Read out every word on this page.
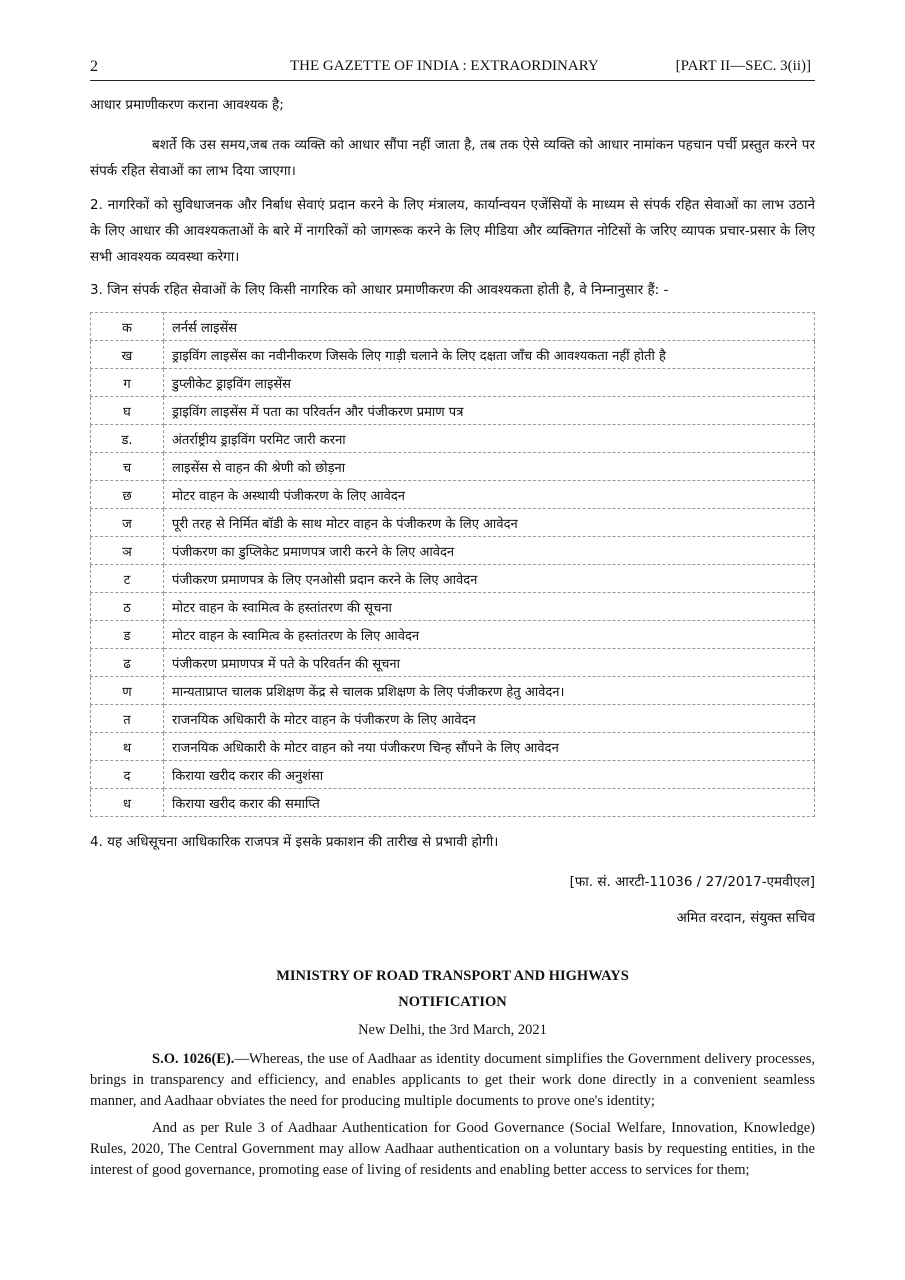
2	THE GAZETTE OF INDIA : EXTRAORDINARY	[PART II—SEC. 3(ii)]
आधार प्रमाणीकरण कराना आवश्यक है;
बशर्ते कि उस समय,जब तक व्यक्ति को आधार सौंपा नहीं जाता है, तब तक ऐसे व्यक्ति को आधार नामांकन पहचान पर्ची प्रस्तुत करने पर संपर्क रहित सेवाओं का लाभ दिया जाएगा।
2. नागरिकों को सुविधाजनक और निर्बाध सेवाएं प्रदान करने के लिए मंत्रालय, कार्यान्वयन एजेंसियों के माध्यम से संपर्क रहित सेवाओं का लाभ उठाने के लिए आधार की आवश्यकताओं के बारे में नागरिकों को जागरूक करने के लिए मीडिया और व्यक्तिगत नोटिसों के जरिए व्यापक प्रचार-प्रसार के लिए सभी आवश्यक व्यवस्था करेगा।
3. जिन संपर्क रहित सेवाओं के लिए किसी नागरिक को आधार प्रमाणीकरण की आवश्यकता होती है, वे निम्नानुसार हैं: -
क	लर्नर्स लाइसेंस
ख	ड्राइविंग लाइसेंस का नवीनीकरण जिसके लिए गाड़ी चलाने के लिए दक्षता जाँच की आवश्यकता नहीं होती है
ग	डुप्लीकेट ड्राइविंग लाइसेंस
घ	ड्राइविंग लाइसेंस में पता का परिवर्तन और पंजीकरण प्रमाण पत्र
ड.	अंतर्राष्ट्रीय ड्राइविंग परमिट जारी करना
च	लाइसेंस से वाहन की श्रेणी को छोड़ना
छ	मोटर वाहन के अस्थायी पंजीकरण के लिए आवेदन
ज	पूरी तरह से निर्मित बॉडी के साथ मोटर वाहन के पंजीकरण के लिए आवेदन
ञ	पंजीकरण का डुप्लिकेट प्रमाणपत्र जारी करने के लिए आवेदन
ट	पंजीकरण प्रमाणपत्र के लिए एनओसी प्रदान करने के लिए आवेदन
ठ	मोटर वाहन के स्वामित्व के हस्तांतरण की सूचना
ड	मोटर वाहन के स्वामित्व के हस्तांतरण के लिए आवेदन
ढ	पंजीकरण प्रमाणपत्र में पते के परिवर्तन की सूचना
ण	मान्यताप्राप्त चालक प्रशिक्षण केंद्र से चालक प्रशिक्षण के लिए पंजीकरण हेतु आवेदन।
त	राजनयिक अधिकारी के मोटर वाहन के पंजीकरण के लिए आवेदन
थ	राजनयिक अधिकारी के मोटर वाहन को नया पंजीकरण चिन्ह सौंपने के लिए आवेदन
द	किराया खरीद करार की अनुशंसा
ध	किराया खरीद करार की समाप्ति
4. यह अधिसूचना आधिकारिक राजपत्र में इसके प्रकाशन की तारीख से प्रभावी होगी।
[फा. सं. आरटी-11036 / 27/2017-एमवीएल]
अमित वरदान, संयुक्त सचिव
MINISTRY OF ROAD TRANSPORT AND HIGHWAYS
NOTIFICATION
New Delhi, the 3rd March, 2021
S.O. 1026(E).—Whereas, the use of Aadhaar as identity document simplifies the Government delivery processes, brings in transparency and efficiency, and enables applicants to get their work done directly in a convenient seamless manner, and Aadhaar obviates the need for producing multiple documents to prove one's identity;
And as per Rule 3 of Aadhaar Authentication for Good Governance (Social Welfare, Innovation, Knowledge) Rules, 2020, The Central Government may allow Aadhaar authentication on a voluntary basis by requesting entities, in the interest of good governance, promoting ease of living of residents and enabling better access to services for them;
